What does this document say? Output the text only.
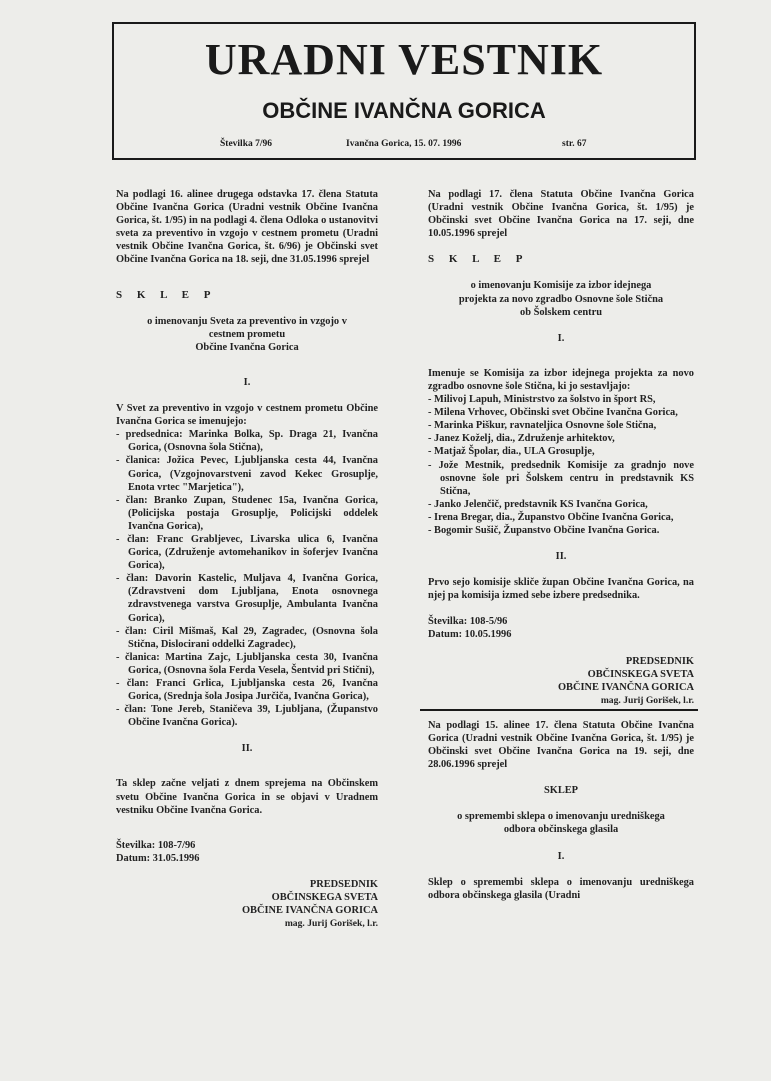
URADNI VESTNIK
OBČINE IVANČNA GORICA
Številka 7/96	Ivančna Gorica, 15. 07. 1996	str. 67

Na podlagi 16. alinee drugega odstavka 17. člena Statuta Občine Ivančna Gorica (Uradni vestnik Občine Ivančna Gorica, št. 1/95) in na podlagi 4. člena Odloka o ustanovitvi sveta za preventivo in vzgojo v cestnem prometu (Uradni vestnik Občine Ivančna Gorica, št. 6/96) je Občinski svet Občine Ivančna Gorica na 18. seji, dne 31.05.1996 sprejel

S K L E P

o imenovanju Sveta za preventivo in vzgojo v

cestnem prometu

Občine Ivančna Gorica

I.

V Svet za preventivo in vzgojo v cestnem prometu Občine Ivančna Gorica se imenujejo:

- predsednica: Marinka Bolka, Sp. Draga 21, Ivančna Gorica, (Osnovna šola Stična),

- članica: Jožica Pevec, Ljubljanska cesta 44, Ivančna Gorica, (Vzgojnovarstveni zavod Kekec Grosuplje, Enota vrtec "Marjetica"),

- član: Branko Zupan, Studenec 15a, Ivančna Gorica, (Policijska postaja Grosuplje, Policijski oddelek Ivančna Gorica),

- član: Franc Grabljevec, Livarska ulica 6, Ivančna Gorica, (Združenje avtomehanikov in šoferjev Ivančna Gorica),

- član: Davorin Kastelic, Muljava 4, Ivančna Gorica, (Zdravstveni dom Ljubljana, Enota osnovnega zdravstvenega varstva Grosuplje, Ambulanta Ivančna Gorica),

- član: Ciril Mišmaš, Kal 29, Zagradec, (Osnovna šola Stična, Dislocirani oddelki Zagradec),

- članica: Martina Zajc, Ljubljanska cesta 30, Ivančna Gorica, (Osnovna šola Ferda Vesela, Šentvid pri Stični),

- član: Franci Grlica, Ljubljanska cesta 26, Ivančna Gorica, (Srednja šola Josipa Jurčiča, Ivančna Gorica),

- član: Tone Jereb, Staničeva 39, Ljubljana, (Županstvo Občine Ivančna Gorica).

II.

Ta sklep začne veljati z dnem sprejema na Občinskem svetu Občine Ivančna Gorica in se objavi v Uradnem vestniku Občine Ivančna Gorica.

Številka: 108-7/96

Datum: 31.05.1996

PREDSEDNIK

OBČINSKEGA SVETA

OBČINE IVANČNA GORICA

mag. Jurij Gorišek, l.r.

Na podlagi 17. člena Statuta Občine Ivančna Gorica (Uradni vestnik Občine Ivančna Gorica, št. 1/95) je Občinski svet Občine Ivančna Gorica na 17. seji, dne 10.05.1996 sprejel

S K L E P

o imenovanju Komisije za izbor idejnega

projekta za novo zgradbo Osnovne šole Stična

ob Šolskem centru

I.

Imenuje se Komisija za izbor idejnega projekta za novo zgradbo osnovne šole Stična, ki jo sestavljajo:

- Milivoj Lapuh, Ministrstvo za šolstvo in šport RS,

- Milena Vrhovec, Občinski svet Občine Ivančna Gorica,

- Marinka Piškur, ravnateljica Osnovne šole Stična,

- Janez Koželj, dia., Združenje arhitektov,

- Matjaž Špolar, dia., ULA Grosuplje,

- Jože Mestnik, predsednik Komisije za gradnjo nove osnovne šole pri Šolskem centru in predstavnik KS Stična,

- Janko Jelenčič, predstavnik KS Ivančna Gorica,

- Irena Bregar, dia., Županstvo Občine Ivančna Gorica,

- Bogomir Sušič, Županstvo Občine Ivančna Gorica.

II.

Prvo sejo komisije skliče župan Občine Ivančna Gorica, na njej pa komisija izmed sebe izbere predsednika.

Številka: 108-5/96

Datum: 10.05.1996

PREDSEDNIK

OBČINSKEGA SVETA

OBČINE IVANČNA GORICA

mag. Jurij Gorišek, l.r.

Na podlagi 15. alinee 17. člena Statuta Občine Ivančna Gorica (Uradni vestnik Občine Ivančna Gorica, št. 1/95) je Občinski svet Občine Ivančna Gorica na 19. seji, dne 28.06.1996 sprejel

SKLEP

o spremembi sklepa o imenovanju uredniškega

odbora občinskega glasila

I.

Sklep o spremembi sklepa o imenovanju uredniškega odbora občinskega glasila (Uradni
